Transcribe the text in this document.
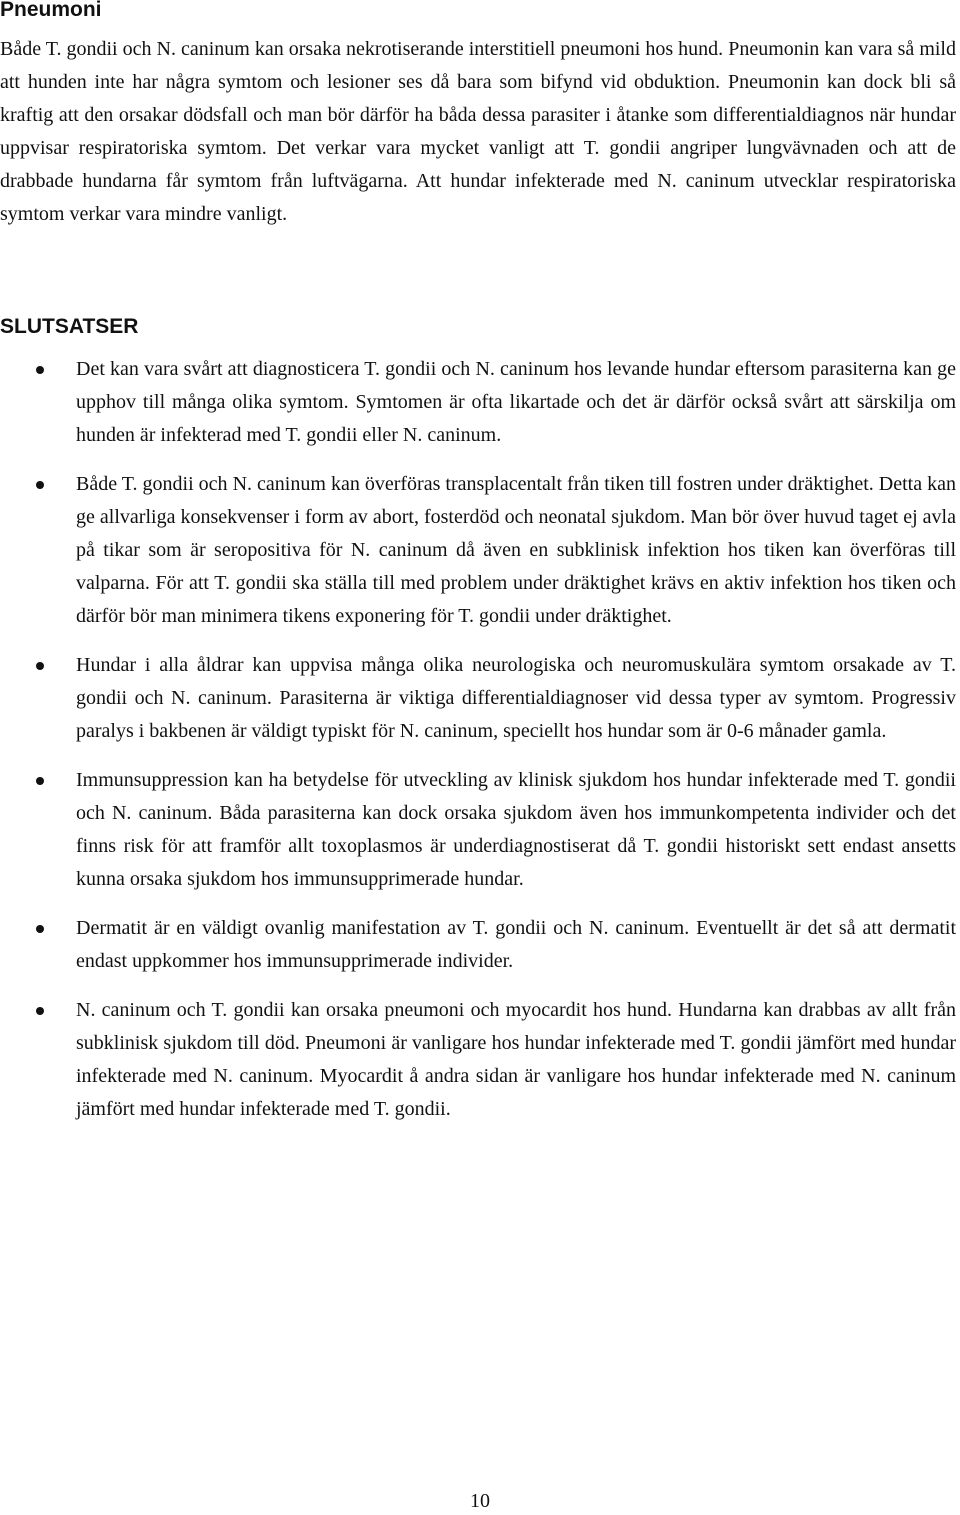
Pneumoni

Både T. gondii och N. caninum kan orsaka nekrotiserande interstitiell pneumoni hos hund. Pneumonin kan vara så mild att hunden inte har några symtom och lesioner ses då bara som bifynd vid obduktion. Pneumonin kan dock bli så kraftig att den orsakar dödsfall och man bör därför ha båda dessa parasiter i åtanke som differentialdiagnos när hundar uppvisar respiratoriska symtom. Det verkar vara mycket vanligt att T. gondii angriper lungvävnaden och att de drabbade hundarna får symtom från luftvägarna. Att hundar infekterade med N. caninum utvecklar respiratoriska symtom verkar vara mindre vanligt.

SLUTSATSER

Det kan vara svårt att diagnosticera T. gondii och N. caninum hos levande hundar eftersom parasiterna kan ge upphov till många olika symtom. Symtomen är ofta likartade och det är därför också svårt att särskilja om hunden är infekterad med T. gondii eller N. caninum.

Både T. gondii och N. caninum kan överföras transplacentalt från tiken till fostren under dräktighet. Detta kan ge allvarliga konsekvenser i form av abort, fosterdöd och neonatal sjukdom. Man bör över huvud taget ej avla på tikar som är seropositiva för N. caninum då även en subklinisk infektion hos tiken kan överföras till valparna. För att T. gondii ska ställa till med problem under dräktighet krävs en aktiv infektion hos tiken och därför bör man minimera tikens exponering för T. gondii under dräktighet.

Hundar i alla åldrar kan uppvisa många olika neurologiska och neuromuskulära symtom orsakade av T. gondii och N. caninum. Parasiterna är viktiga differentialdiagnoser vid dessa typer av symtom. Progressiv paralys i bakbenen är väldigt typiskt för N. caninum, speciellt hos hundar som är 0-6 månader gamla.

Immunsuppression kan ha betydelse för utveckling av klinisk sjukdom hos hundar infekterade med T. gondii och N. caninum. Båda parasiterna kan dock orsaka sjukdom även hos immunkompetenta individer och det finns risk för att framför allt toxoplasmos är underdiagnostiserat då T. gondii historiskt sett endast ansetts kunna orsaka sjukdom hos immunsupprimerade hundar.

Dermatit är en väldigt ovanlig manifestation av T. gondii och N. caninum. Eventuellt är det så att dermatit endast uppkommer hos immunsupprimerade individer.

N. caninum och T. gondii kan orsaka pneumoni och myocardit hos hund. Hundarna kan drabbas av allt från subklinisk sjukdom till död. Pneumoni är vanligare hos hundar infekterade med T. gondii jämfört med hundar infekterade med N. caninum. Myocardit å andra sidan är vanligare hos hundar infekterade med N. caninum jämfört med hundar infekterade med T. gondii.

10
